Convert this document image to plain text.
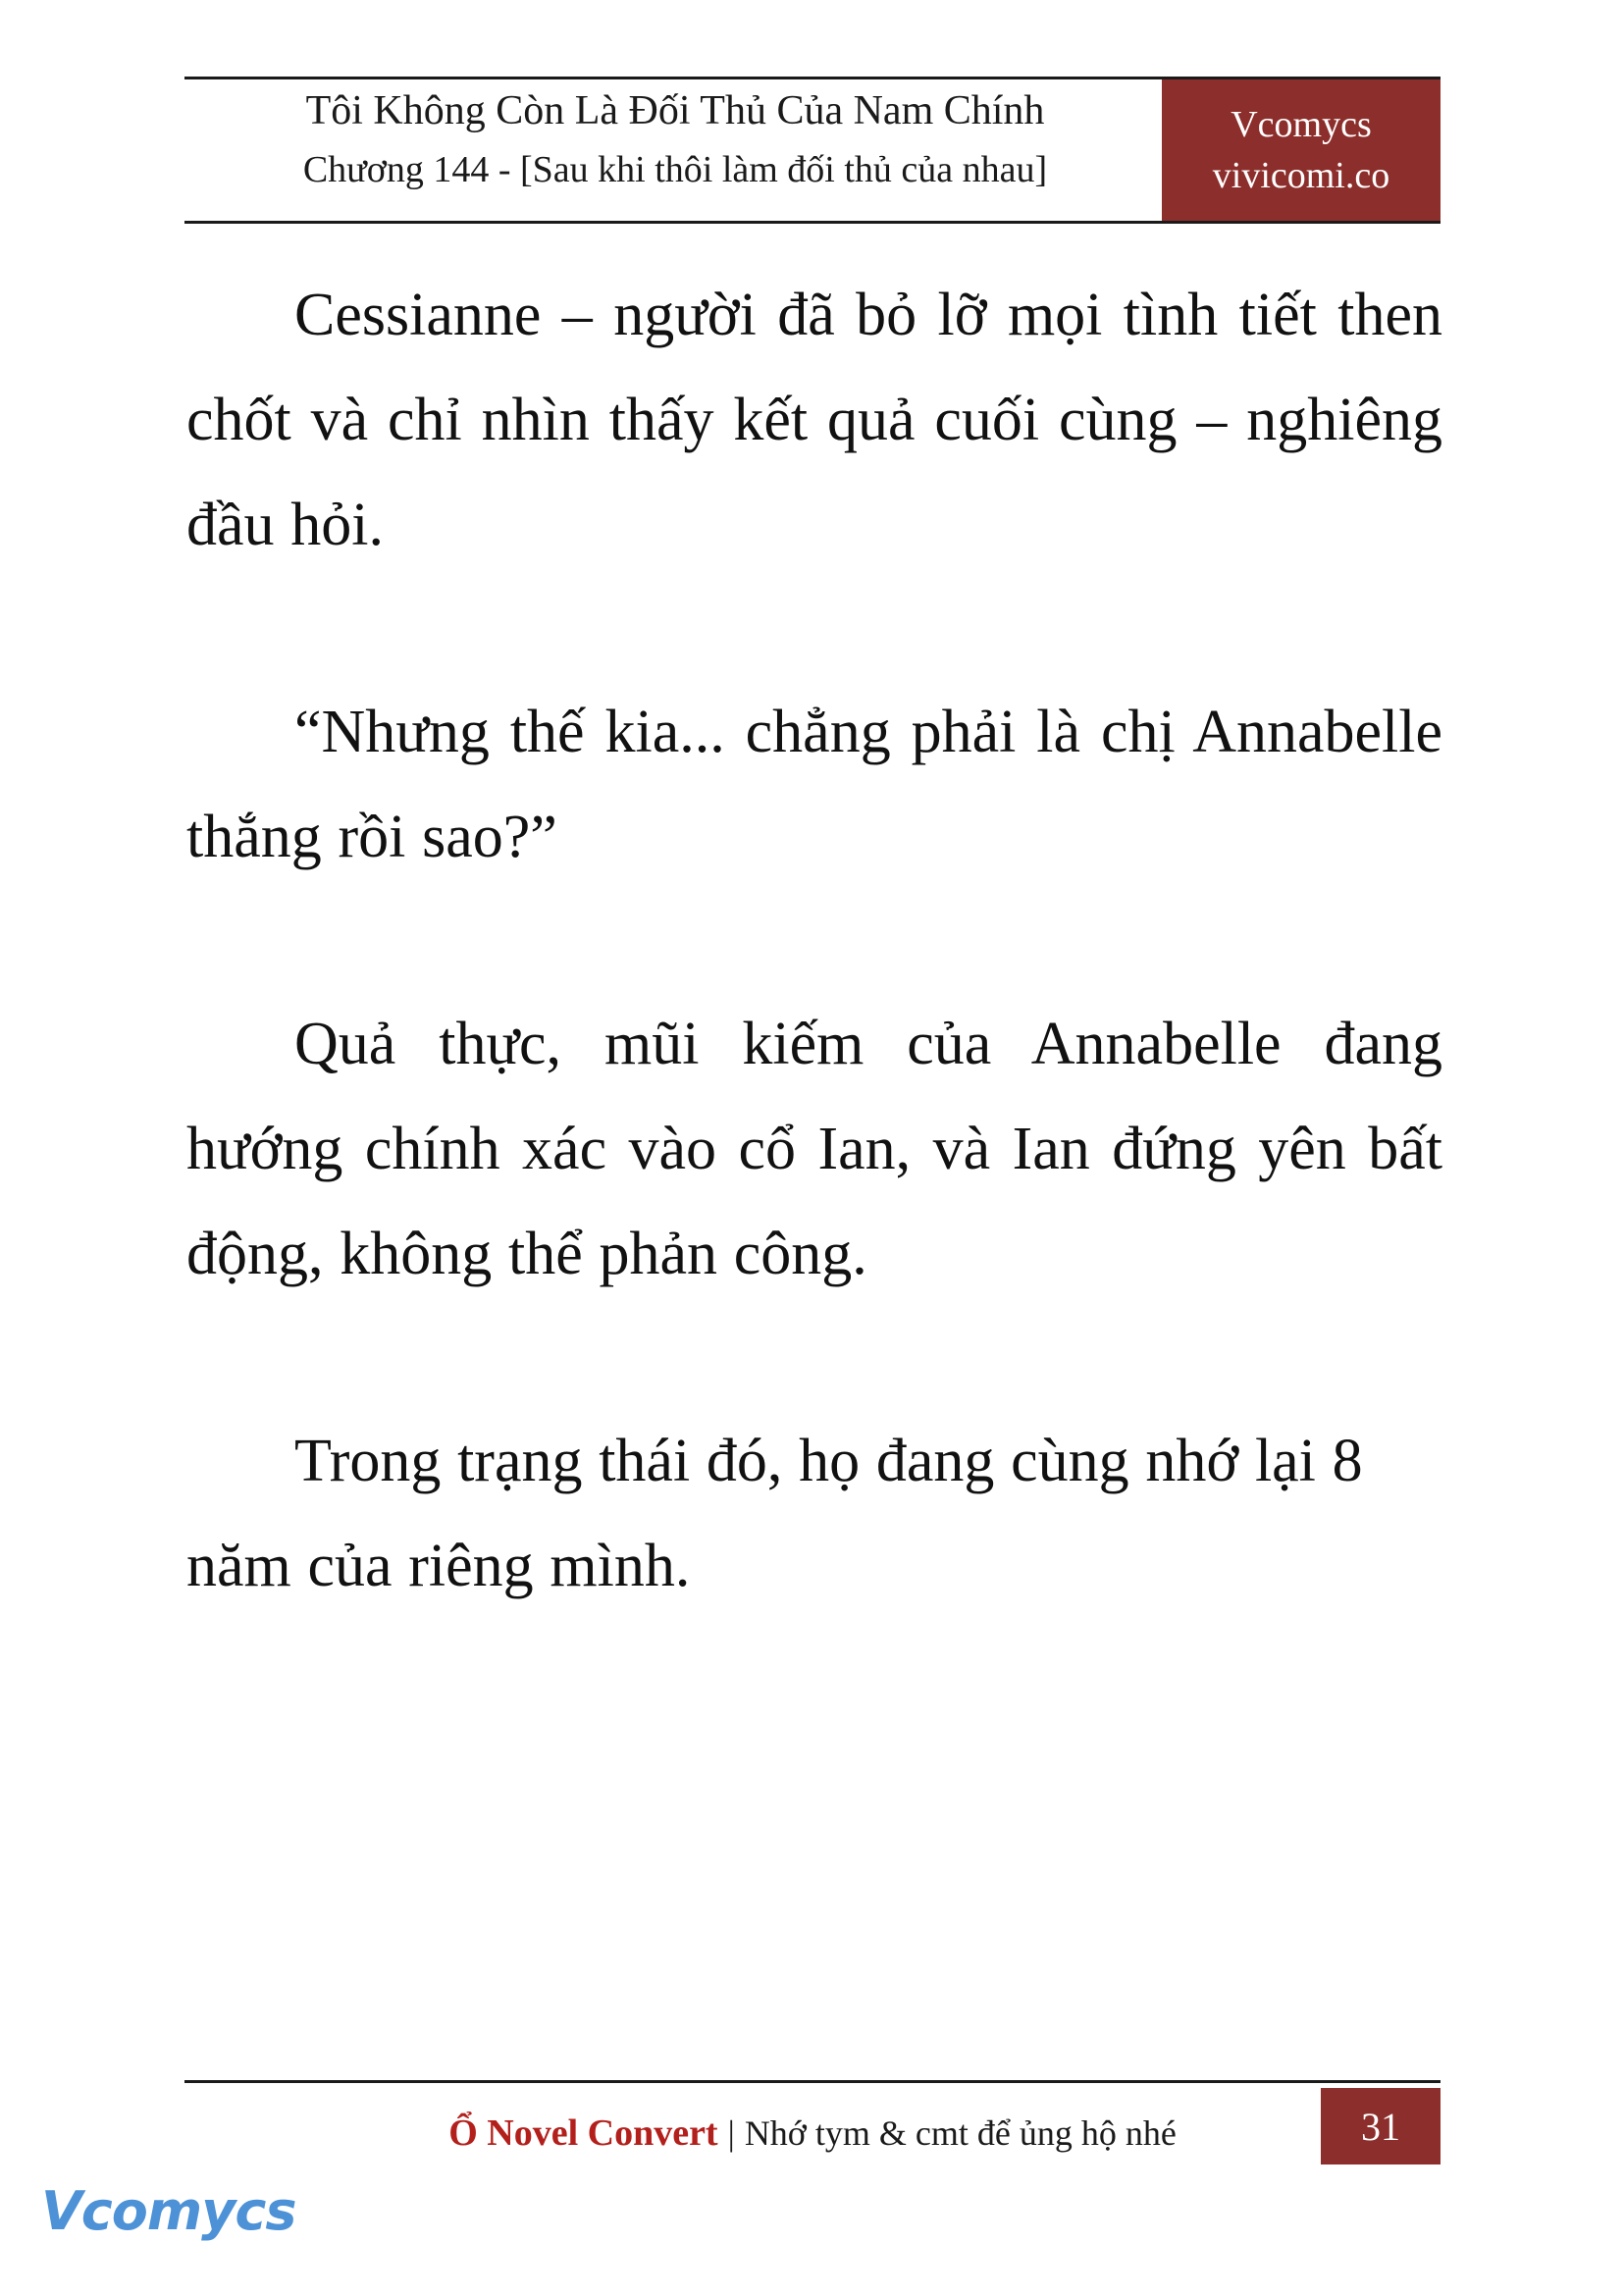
Tôi Không Còn Là Đối Thủ Của Nam Chính
Chương 144 - [Sau khi thôi làm đối thủ của nhau]
Vcomycs
vivicomi.co

Cessianne – người đã bỏ lỡ mọi tình tiết then chốt và chỉ nhìn thấy kết quả cuối cùng – nghiêng đầu hỏi.

“Nhưng thế kia... chẳng phải là chị Annabelle thắng rồi sao?”

Quả thực, mũi kiếm của Annabelle đang hướng chính xác vào cổ Ian, và Ian đứng yên bất động, không thể phản công.

Trong trạng thái đó, họ đang cùng nhớ lại 8 năm của riêng mình.

Ổ Novel Convert | Nhớ tym & cmt để ủng hộ nhé	31
Vcomycs
